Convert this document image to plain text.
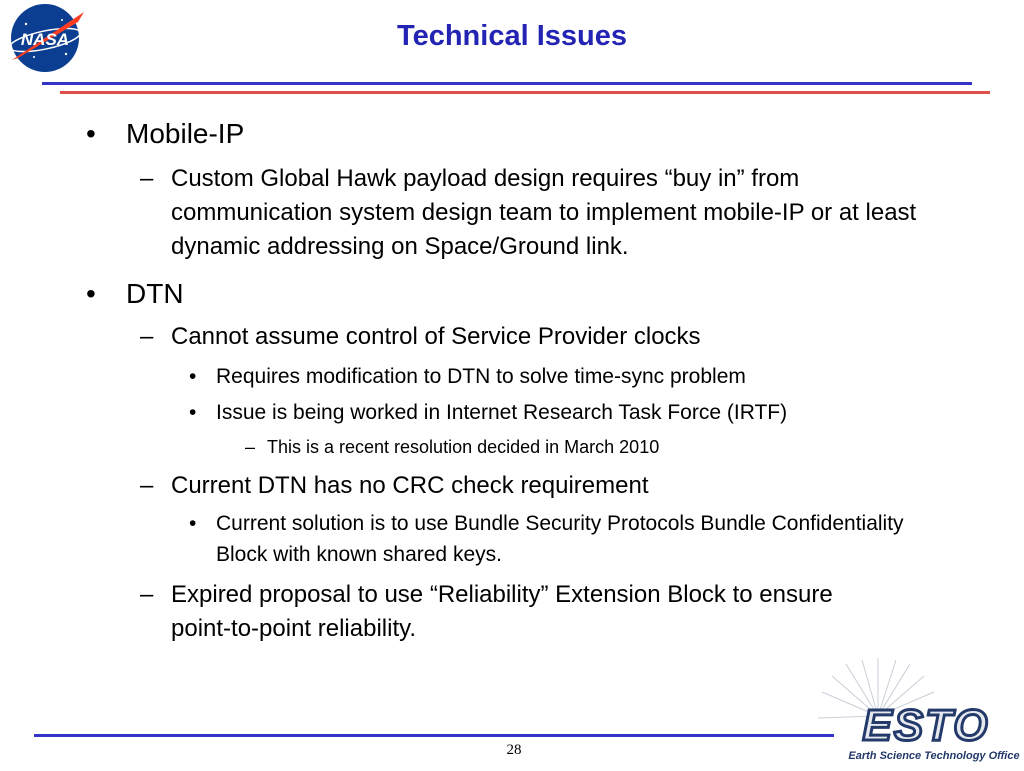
NASA	Technical Issues
• Mobile-IP
– Custom Global Hawk payload design requires “buy in” from communication system design team to implement mobile-IP or at least dynamic addressing on Space/Ground link.
• DTN
– Cannot assume control of Service Provider clocks
• Requires modification to DTN to solve time-sync problem
• Issue is being worked in Internet Research Task Force (IRTF)
– This is a recent resolution decided in March 2010
– Current DTN has no CRC check requirement
• Current solution is to use Bundle Security Protocols Bundle Confidentiality Block with known shared keys.
– Expired proposal to use “Reliability” Extension Block to ensure point-to-point reliability.
28	ESTO
Earth Science Technology Office
